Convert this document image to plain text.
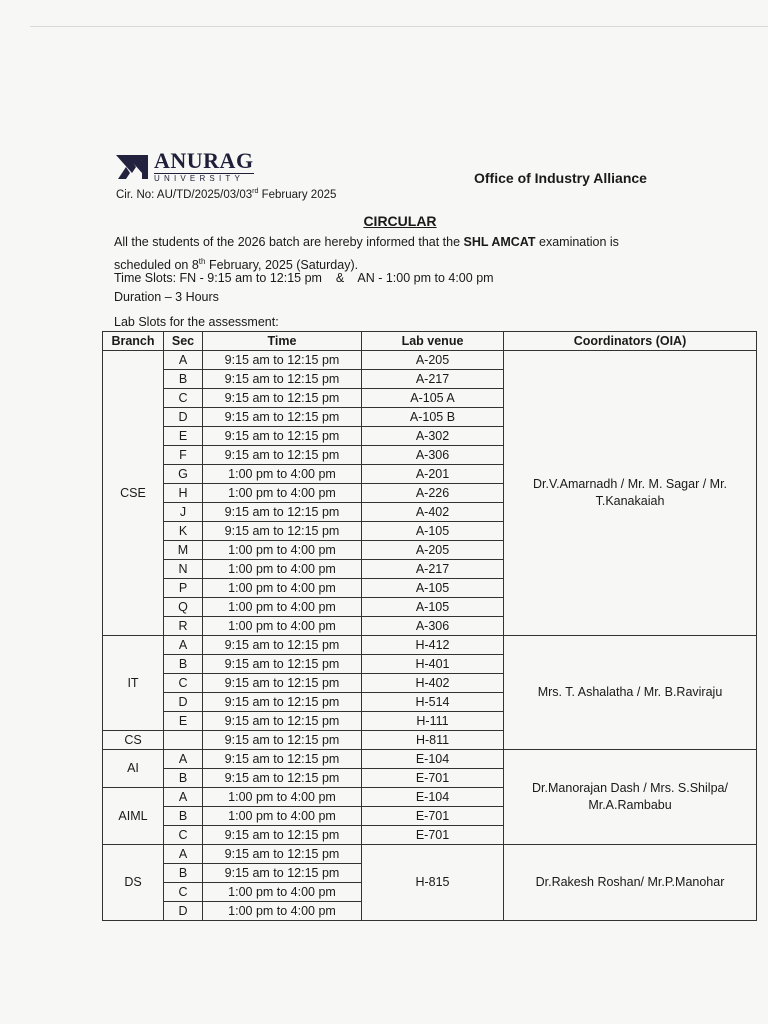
ANURAG
UNIVERSITY	Office of Industry Alliance
Cir. No: AU/TD/2025/03/03rd February 2025
CIRCULAR
All the students of the 2026 batch are hereby informed that the SHL AMCAT examination is scheduled on 8th February, 2025 (Saturday).
Time Slots: FN - 9:15 am to 12:15 pm    &    AN - 1:00 pm to 4:00 pm
Duration – 3 Hours
Lab Slots for the assessment:
Branch	Sec	Time	Lab venue	Coordinators (OIA)
CSE	A	9:15 am to 12:15 pm	A-205	Dr.V.Amarnadh / Mr. M. Sagar / Mr. T.Kanakaiah
	B	9:15 am to 12:15 pm	A-217	
	C	9:15 am to 12:15 pm	A-105 A	
	D	9:15 am to 12:15 pm	A-105 B	
	E	9:15 am to 12:15 pm	A-302	
	F	9:15 am to 12:15 pm	A-306	
	G	1:00 pm to 4:00 pm	A-201	
	H	1:00 pm to 4:00 pm	A-226	
	J	9:15 am to 12:15 pm	A-402	
	K	9:15 am to 12:15 pm	A-105	
	M	1:00 pm to 4:00 pm	A-205	
	N	1:00 pm to 4:00 pm	A-217	
	P	1:00 pm to 4:00 pm	A-105	
	Q	1:00 pm to 4:00 pm	A-105	
	R	1:00 pm to 4:00 pm	A-306	
IT	A	9:15 am to 12:15 pm	H-412	Mrs. T. Ashalatha / Mr. B.Raviraju
	B	9:15 am to 12:15 pm	H-401	
	C	9:15 am to 12:15 pm	H-402	
	D	9:15 am to 12:15 pm	H-514	
	E	9:15 am to 12:15 pm	H-111	
CS		9:15 am to 12:15 pm	H-811	
AI	A	9:15 am to 12:15 pm	E-104	Dr.Manorajan Dash / Mrs. S.Shilpa/ Mr.A.Rambabu
	B	9:15 am to 12:15 pm	E-701	
AIML	A	1:00 pm to 4:00 pm	E-104	
	B	1:00 pm to 4:00 pm	E-701	
	C	9:15 am to 12:15 pm	E-701	
DS	A	9:15 am to 12:15 pm	H-815	Dr.Rakesh Roshan/ Mr.P.Manohar
	B	9:15 am to 12:15 pm		
	C	1:00 pm to 4:00 pm		
	D	1:00 pm to 4:00 pm		
